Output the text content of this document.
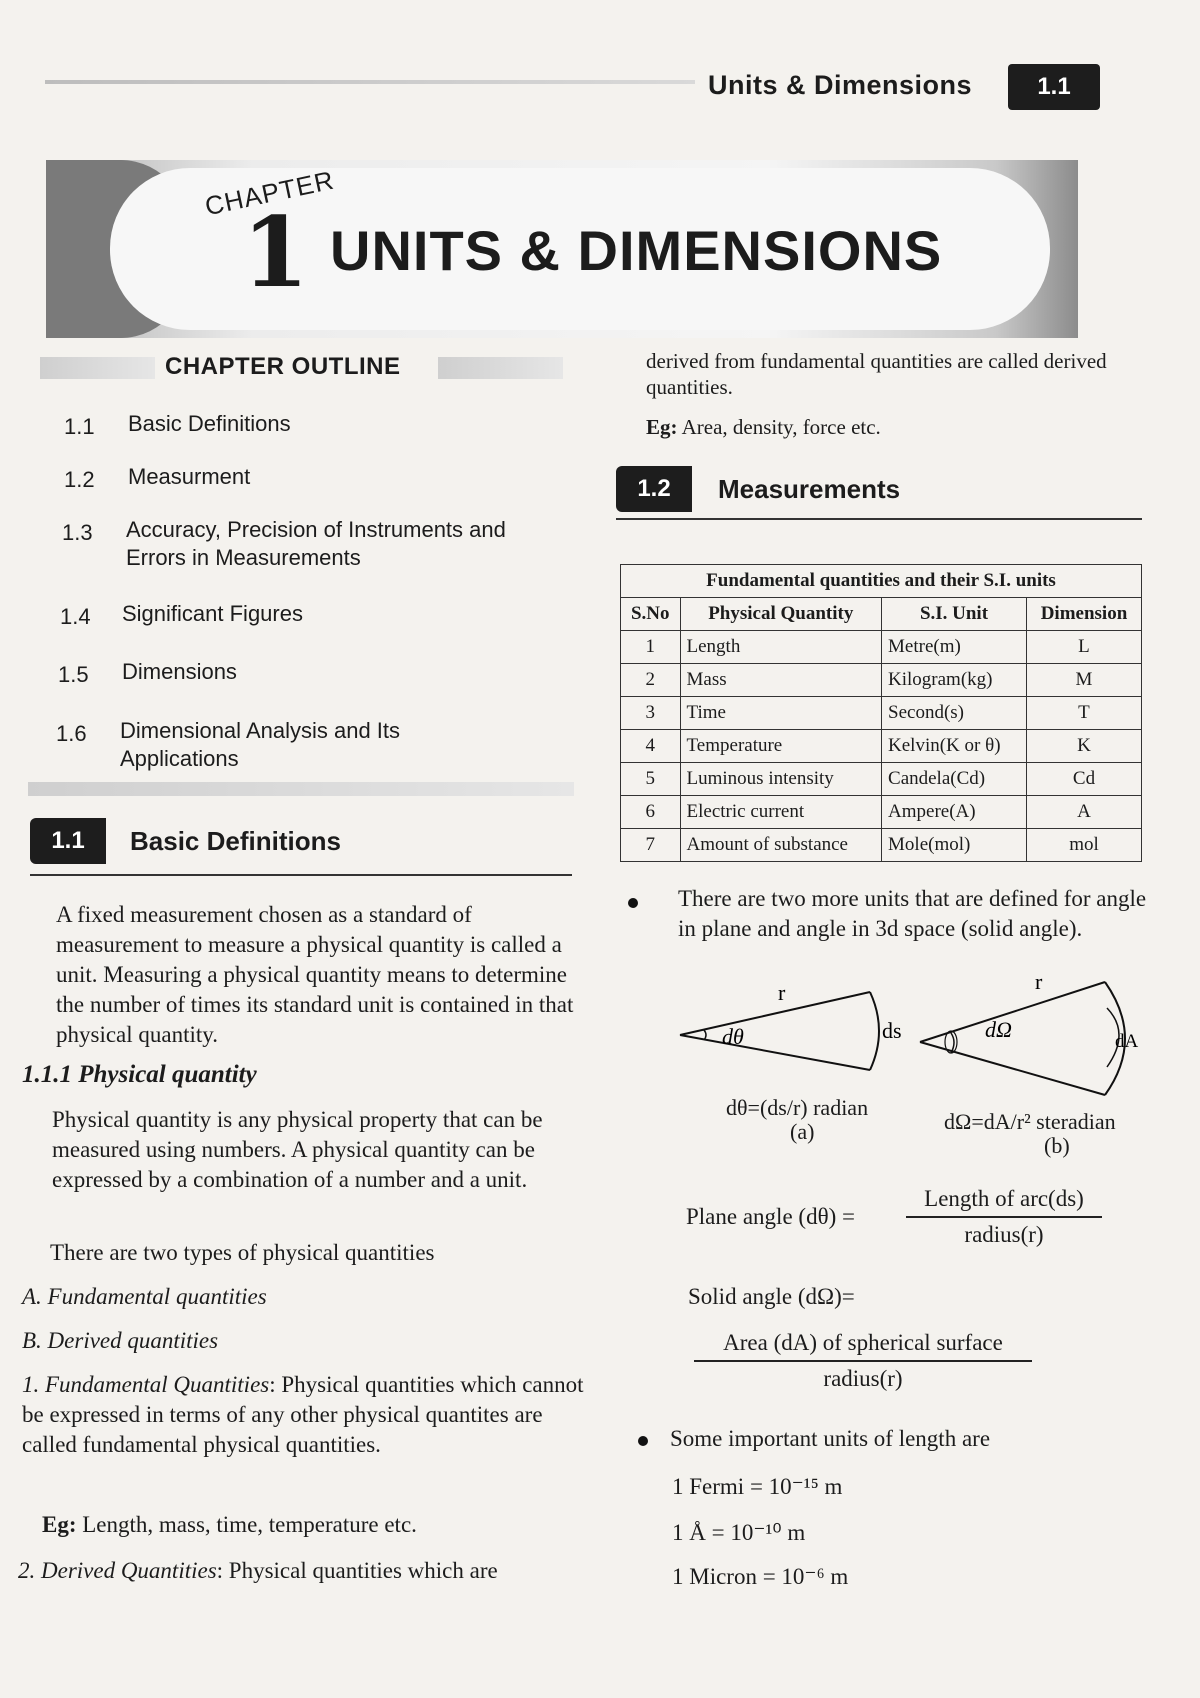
Units & Dimensions	1.1
CHAPTER
1 UNITS & DIMENSIONS
CHAPTER OUTLINE
1.1 Basic Definitions
1.2 Measurment
1.3 Accuracy, Precision of Instruments and Errors in Measurements
1.4 Significant Figures
1.5 Dimensions
1.6 Dimensional Analysis and Its Applications
1.1	Basic Definitions
A fixed measurement chosen as a standard of measurement to measure a physical quantity is called a unit. Measuring a physical quantity means to determine the number of times its standard unit is contained in that physical quantity.
1.1.1 Physical quantity
Physical quantity is any physical property that can be measured using numbers. A physical quantity can be expressed by a combination of a number and a unit.
There are two types of physical quantities
A. Fundamental quantities
B. Derived quantities
1. Fundamental Quantities: Physical quantities which cannot be expressed in terms of any other physical quantites are called fundamental physical quantities.
Eg: Length, mass, time, temperature etc.
2. Derived Quantities: Physical quantities which are
derived from fundamental quantities are called derived quantities.
Eg: Area, density, force etc.
1.2	Measurements
Fundamental quantities and their S.I. units			
S.No	Physical Quantity	S.I. Unit	Dimension
1	Length	Metre(m)	L
2	Mass	Kilogram(kg)	M
3	Time	Second(s)	T
4	Temperature	Kelvin(K or θ)	K
5	Luminous intensity	Candela(Cd)	Cd
6	Electric current	Ampere(A)	A
7	Amount of substance	Mole(mol)	mol
There are two more units that are defined for angle in plane and angle in 3d space (solid angle).
r
dθ	ds
dθ=(ds/r) radian
(a)
r
dΩ	dA
dΩ=dA/r² steradian
(b)
Plane angle (dθ) =
Length of arc(ds)
radius(r)
Solid angle (dΩ)=
Area (dA) of spherical surface
radius(r)
Some important units of length are
1 Fermi = 10⁻¹⁵ m
1 Å = 10⁻¹⁰ m
1 Micron = 10⁻⁶ m
